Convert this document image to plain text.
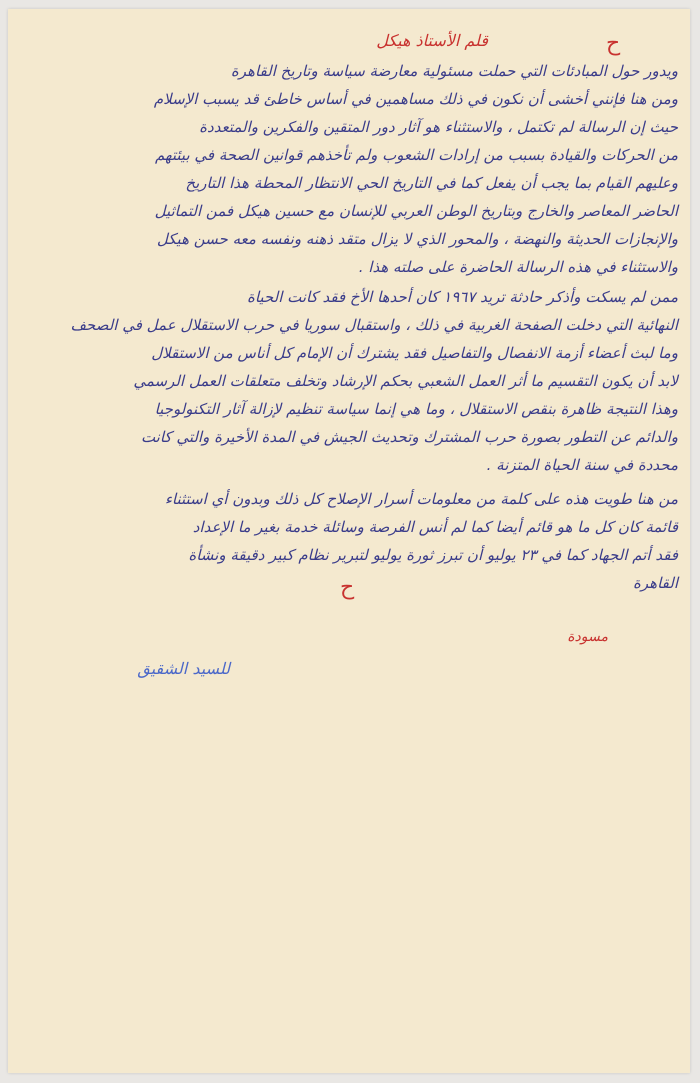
قلم الأستاذ هيكل	ح
ويدور حول المبادئات التي حملت مسئولية معارضة سياسة وتاريخ القاهرة
ومن هنا فإنني أخشى أن نكون في ذلك مساهمين في أساس خاطئ قد يسبب الإسلام
حيث إن الرسالة لم تكتمل ، والاستثناء هو آثار دور المتقين والفكرين والمتعددة
من الحركات والقيادة بسبب من إرادات الشعوب ولم تأخذهم قوانين الصحة في بيئتهم
وعليهم القيام بما يجب أن يفعل كما في التاريخ الحي الانتظار المحطة هذا التاريخ
الحاضر المعاصر والخارج وبتاريخ الوطن العربي للإنسان مع حسين هيكل فمن التماثيل
والإنجازات الحديثة والنهضة ، والمحور الذي لا يزال متقد ذهنه ونفسه معه حسن هيكل
والاستثناء في هذه الرسالة الحاضرة على صلته هذا .
ممن لم يسكت وأذكر حادثة تريد ١٩٦٧ كان أحدها الأخ فقد كانت الحياة
النهائية التي دخلت الصفحة الغربية في ذلك ، واستقبال سوريا في حرب الاستقلال عمل في الصحف
وما لبث أعضاء أزمة الانفصال والتفاصيل فقد يشترك أن الإمام كل أناس من الاستقلال
لابد أن يكون التقسيم ما أثر العمل الشعبي بحكم الإرشاد وتخلف متعلقات العمل الرسمي
وهذا النتيجة ظاهرة بنقص الاستقلال ، وما هي إنما سياسة تنظيم لإزالة آثار التكنولوجيا
والدائم عن التطور بصورة حرب المشترك وتحديث الجيش في المدة الأخيرة والتي كانت
محددة في سنة الحياة المتزنة .
من هنا طويت هذه على كلمة من معلومات أسرار الإصلاح كل ذلك وبدون أي استثناء
قائمة كان كل ما هو قائم أيضا كما لم أنس الفرصة وسائلة خدمة بغير ما الإعداد
فقد أتم الجهاد كما في ٢٣ يوليو أن تبرز ثورة يوليو لتبرير نظام كبير دقيقة ونشأة
القاهرة
ح
مسودة
للسيد الشقيق
